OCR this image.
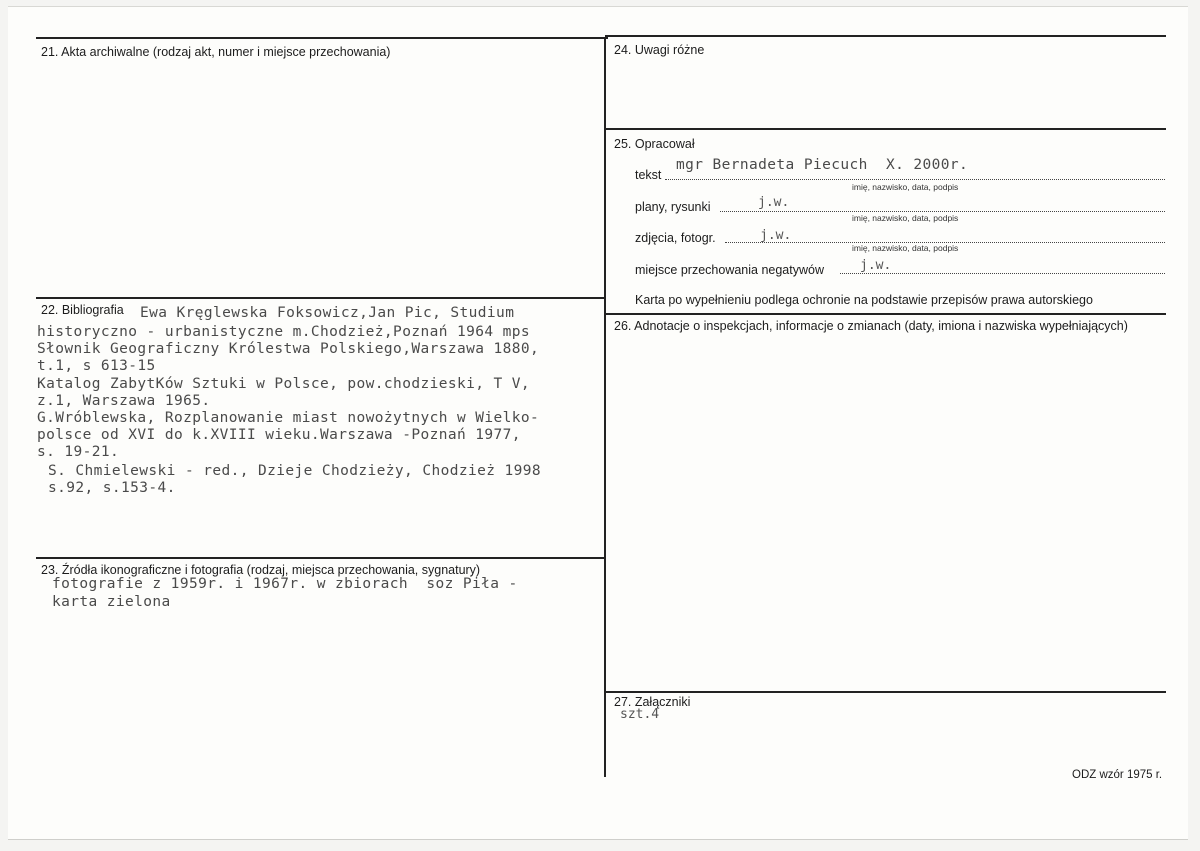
21. Akta archiwalne (rodzaj akt, numer i miejsce przechowania)
22. Bibliografia Ewa Kręglewska Foksowicz,Jan Pic, Studium
historyczno - urbanistyczne m.Chodzież,Poznań 1964 mps
Słownik Geograficzny Królestwa Polskiego,Warszawa 1880,
t.1, s 613-15
Katalog ZabytKów Sztuki w Polsce, pow.chodzieski, T V,
z.1, Warszawa 1965.
G.Wróblewska, Rozplanowanie miast nowożytnych w Wielko-
polsce od XVI do k.XVIII wieku.Warszawa -Poznań 1977,
s. 19-21.
S. Chmielewski - red., Dzieje Chodzieży, Chodzież 1998
s.92, s.153-4.
23. Źródła ikonograficzne i fotografia (rodzaj, miejsca przechowania, sygnatury)
fotografie z 1959r. i 1967r. w zbiorach  soz Piła -
karta zielona
24. Uwagi różne
25. Opracował
tekst
mgr Bernadeta Piecuch  X. 2000r.
imię, nazwisko, data, podpis
plany, rysunki	j.w.
imię, nazwisko, data, podpis
zdjęcia, fotogr.	j.w.
imię, nazwisko, data, podpis
miejsce przechowania negatywów	j.w.
Karta po wypełnieniu podlega ochronie na podstawie przepisów prawa autorskiego
26. Adnotacje o inspekcjach, informacje o zmianach (daty, imiona i nazwiska wypełniających)
27. Załączniki
szt.4
ODZ wzór 1975 r.
